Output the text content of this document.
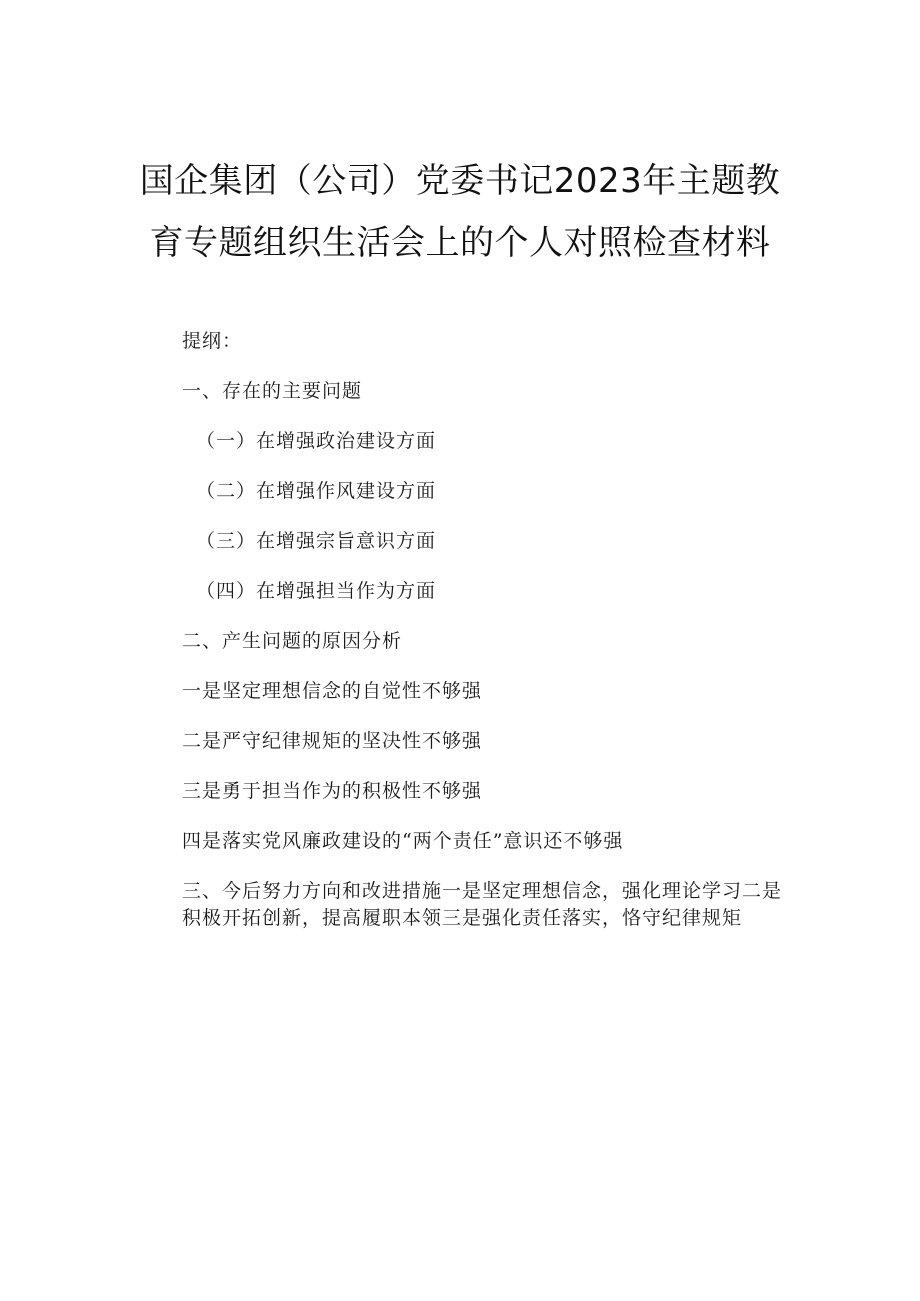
国企集团（公司）党委书记2023年主题教
育专题组织生活会上的个人对照检查材料
提纲：
一、存在的主要问题
（一）在增强政治建设方面
（二）在增强作风建设方面
（三）在增强宗旨意识方面
（四）在增强担当作为方面
二、产生问题的原因分析
一是坚定理想信念的自觉性不够强
二是严守纪律规矩的坚决性不够强
三是勇于担当作为的积极性不够强
四是落实党风廉政建设的“两个责任”意识还不够强
三、今后努力方向和改进措施一是坚定理想信念，强化理论学习二是积极开拓创新，提高履职本领三是强化责任落实，恪守纪律规矩
